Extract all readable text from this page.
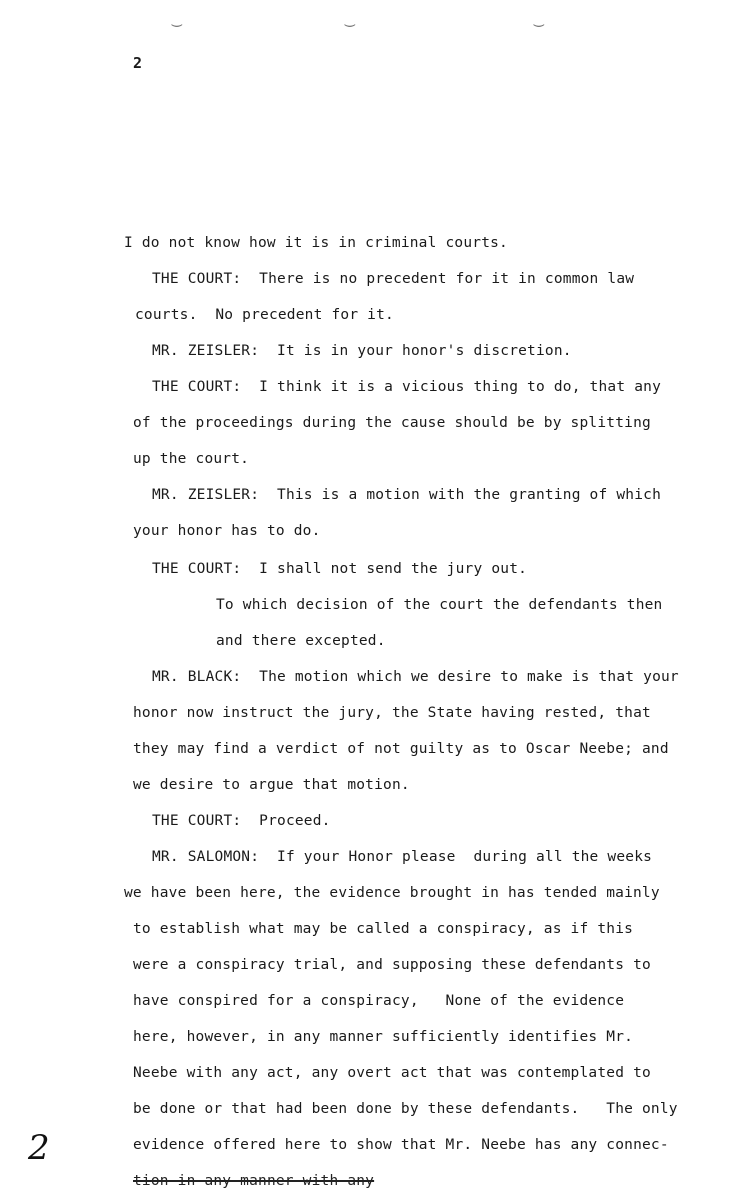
‿	‿	‿
2
I do not know how it is in criminal courts.
THE COURT:  There is no precedent for it in common law
courts.  No precedent for it.
MR. ZEISLER:  It is in your honor's discretion.
THE COURT:  I think it is a vicious thing to do, that any
of the proceedings during the cause should be by splitting
up the court.
MR. ZEISLER:  This is a motion with the granting of which
your honor has to do.
THE COURT:  I shall not send the jury out.
To which decision of the court the defendants then
and there excepted.
MR. BLACK:  The motion which we desire to make is that your
honor now instruct the jury, the State having rested, that
they may find a verdict of not guilty as to Oscar Neebe; and
we desire to argue that motion.
THE COURT:  Proceed.
MR. SALOMON:  If your Honor please  during all the weeks
we have been here, the evidence brought in has tended mainly
to establish what may be called a conspiracy, as if this
were a conspiracy trial, and supposing these defendants to
have conspired for a conspiracy,   None of the evidence
here, however, in any manner sufficiently identifies Mr.
Neebe with any act, any overt act that was contemplated to
be done or that had been done by these defendants.   The only
evidence offered here to show that Mr. Neebe has any connec-
tion in any manner with any
2
